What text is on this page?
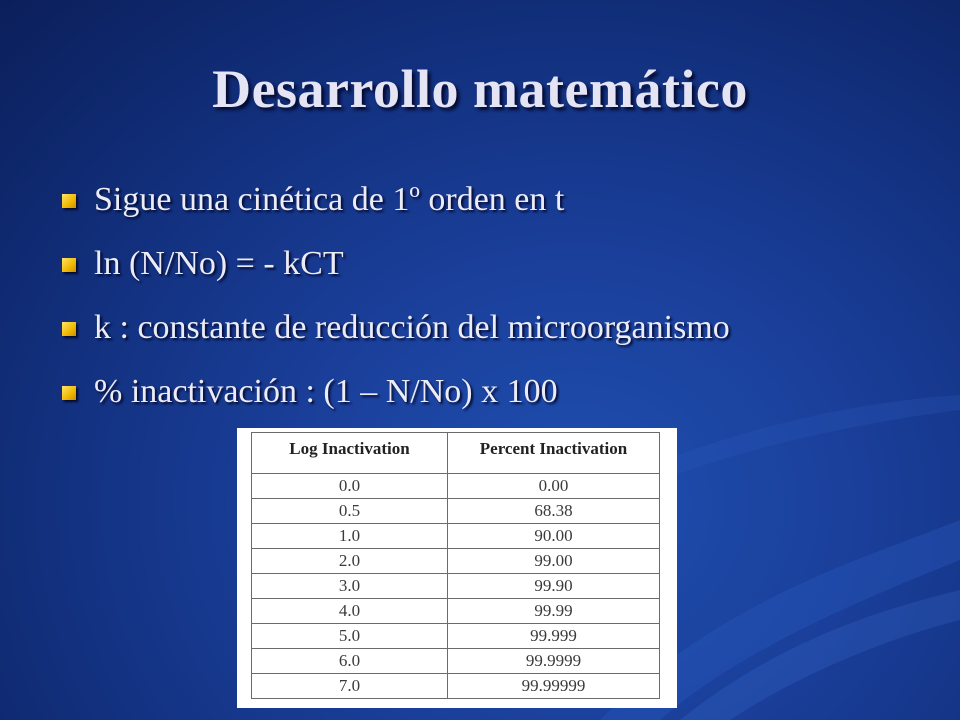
Desarrollo matemático
Sigue una cinética de 1º orden en t
ln (N/No) = - kCT
k : constante de reducción del microorganismo
% inactivación : (1 – N/No) x 100
Log Inactivation	Percent Inactivation
0.0	0.00
0.5	68.38
1.0	90.00
2.0	99.00
3.0	99.90
4.0	99.99
5.0	99.999
6.0	99.9999
7.0	99.99999
